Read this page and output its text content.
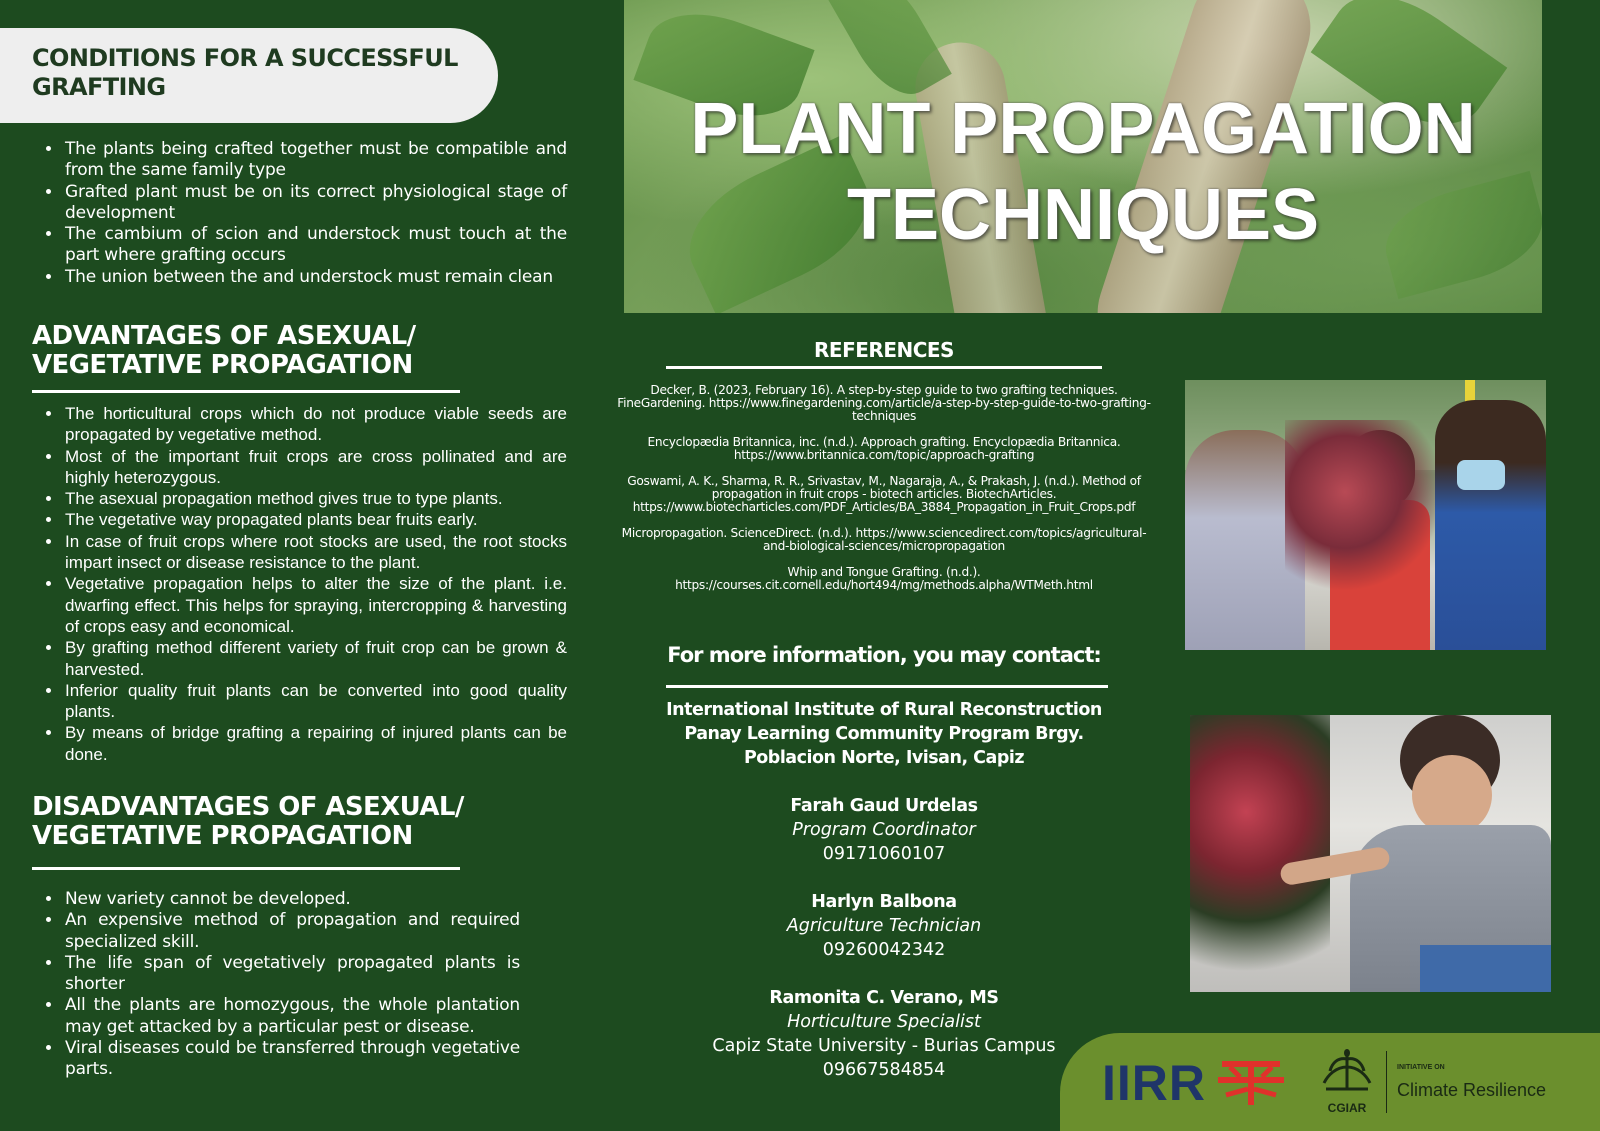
CONDITIONS FOR A SUCCESSFUL GRAFTING
• The plants being crafted together must be compatible and from the same family type
• Grafted plant must be on its correct physiological stage of development
• The cambium of scion and understock must touch at the part where grafting occurs
• The union between the and understock must remain clean
ADVANTAGES OF ASEXUAL/ VEGETATIVE PROPAGATION
• The horticultural crops which do not produce viable seeds are propagated by vegetative method.
• Most of the important fruit crops are cross pollinated and are highly heterozygous.
• The asexual propagation method gives true to type plants.
• The vegetative way propagated plants bear fruits early.
• In case of fruit crops where root stocks are used, the root stocks impart insect or disease resistance to the plant.
• Vegetative propagation helps to alter the size of the plant. i.e. dwarfing effect. This helps for spraying, intercropping & harvesting of crops easy and economical.
• By grafting method different variety of fruit crop can be grown & harvested.
• Inferior quality fruit plants can be converted into good quality plants.
• By means of bridge grafting a repairing of injured plants can be done.
DISADVANTAGES OF ASEXUAL/ VEGETATIVE PROPAGATION
• New variety cannot be developed.
• An expensive method of propagation and required specialized skill.
• The life span of vegetatively propagated plants is shorter
• All the plants are homozygous, the whole plantation may get attacked by a particular pest or disease.
• Viral diseases could be transferred through vegetative parts.
PLANT PROPAGATION
TECHNIQUES
REFERENCES

Decker, B. (2023, February 16). A step-by-step guide to two grafting techniques. FineGardening. https://www.finegardening.com/article/a-step-by-step-guide-to-two-grafting-techniques

Encyclopædia Britannica, inc. (n.d.). Approach grafting. Encyclopædia Britannica. https://www.britannica.com/topic/approach-grafting

Goswami, A. K., Sharma, R. R., Srivastav, M., Nagaraja, A., & Prakash, J. (n.d.). Method of propagation in fruit crops - biotech articles. BiotechArticles. https://www.biotecharticles.com/PDF_Articles/BA_3884_Propagation_in_Fruit_Crops.pdf

Micropropagation. ScienceDirect. (n.d.). https://www.sciencedirect.com/topics/agricultural-and-biological-sciences/micropropagation

Whip and Tongue Grafting. (n.d.). https://courses.cit.cornell.edu/hort494/mg/methods.alpha/WTMeth.html

For more information, you may contact:
International Institute of Rural Reconstruction
Panay Learning Community Program Brgy.
Poblacion Norte, Ivisan, Capiz
Farah Gaud Urdelas
Program Coordinator
09171060107
Harlyn Balbona
Agriculture Technician
09260042342
Ramonita C. Verano, MS
Horticulture Specialist
Capiz State University - Burias Campus
09667584854	IIRR	CGIAR
INITIATIVE ON
Climate Resilience
